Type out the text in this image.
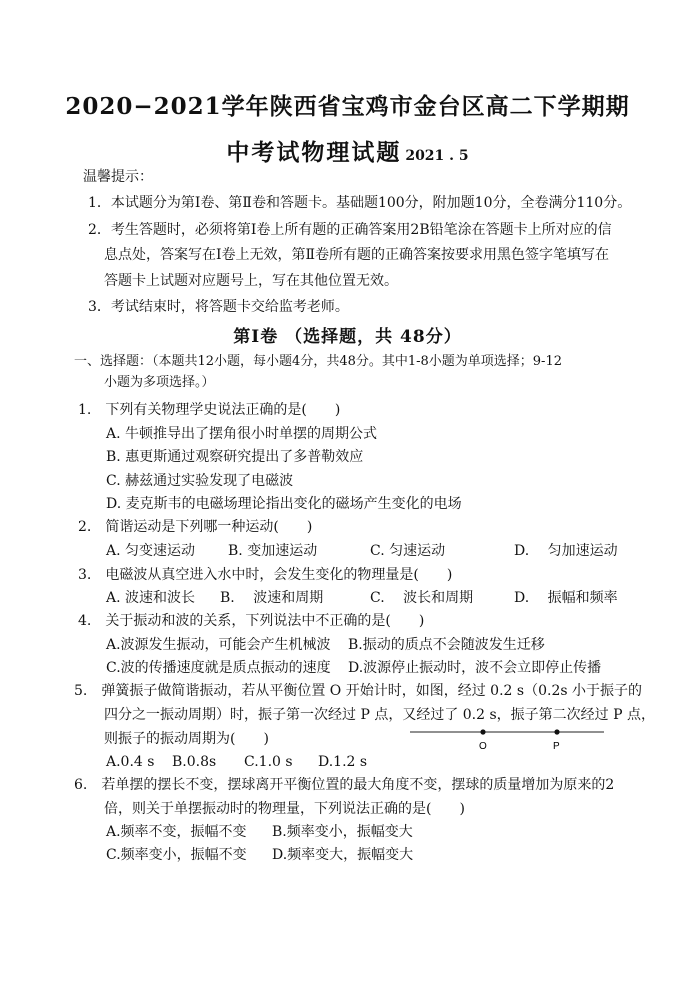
2020−2021学年陕西省宝鸡市金台区高二下学期期
中考试物理试题 2021 . 5
温馨提示：
1．本试题分为第Ⅰ卷、第Ⅱ卷和答题卡。基础题100分，附加题10分，全卷满分110分。
2．考生答题时，必须将第Ⅰ卷上所有题的正确答案用2B铅笔涂在答题卡上所对应的信
息点处，答案写在Ⅰ卷上无效，第Ⅱ卷所有题的正确答案按要求用黑色签字笔填写在
答题卡上试题对应题号上，写在其他位置无效。
3．考试结束时，将答题卡交给监考老师。
第Ⅰ卷 （选择题，共 48分）
一、选择题：（本题共12小题，每小题4分，共48分。其中1-8小题为单项选择；9-12
小题为多项选择。）
1.　下列有关物理学史说法正确的是(　　)
A. 牛顿推导出了摆角很小时单摆的周期公式
B. 惠更斯通过观察研究提出了多普勒效应
C. 赫兹通过实验发现了电磁波
D. 麦克斯韦的电磁场理论指出变化的磁场产生变化的电场
2.　简谐运动是下列哪一种运动(　　)
A. 匀变速运动 B. 变加速运动	C. 匀速运动	D. 　匀加速运动
3.　电磁波从真空进入水中时，会发生变化的物理量是(　　)
A. 波速和波长 B. 　波速和周期	C. 　波长和周期	D. 　振幅和频率
4.　关于振动和波的关系，下列说法中不正确的是(　　)
A.波源发生振动，可能会产生机械波 B.振动的质点不会随波发生迁移
C.波的传播速度就是质点振动的速度 D.波源停止振动时，波不会立即停止传播
5.　弹簧振子做简谐振动，若从平衡位置 O 开始计时，如图，经过 0.2 s（0.2s 小于振子的
四分之一振动周期）时，振子第一次经过 P 点，又经过了 0.2 s，振子第二次经过 P 点，
则振子的振动周期为(　　)
A.0.4 s B.0.8s C.1.0 s D.1.2 s
O	P
6.　若单摆的摆长不变，摆球离开平衡位置的最大角度不变，摆球的质量增加为原来的2
倍，则关于单摆振动时的物理量，下列说法正确的是(　　)
A.频率不变，振幅不变 B.频率变小，振幅变大
C.频率变小，振幅不变 D.频率变大，振幅变大
